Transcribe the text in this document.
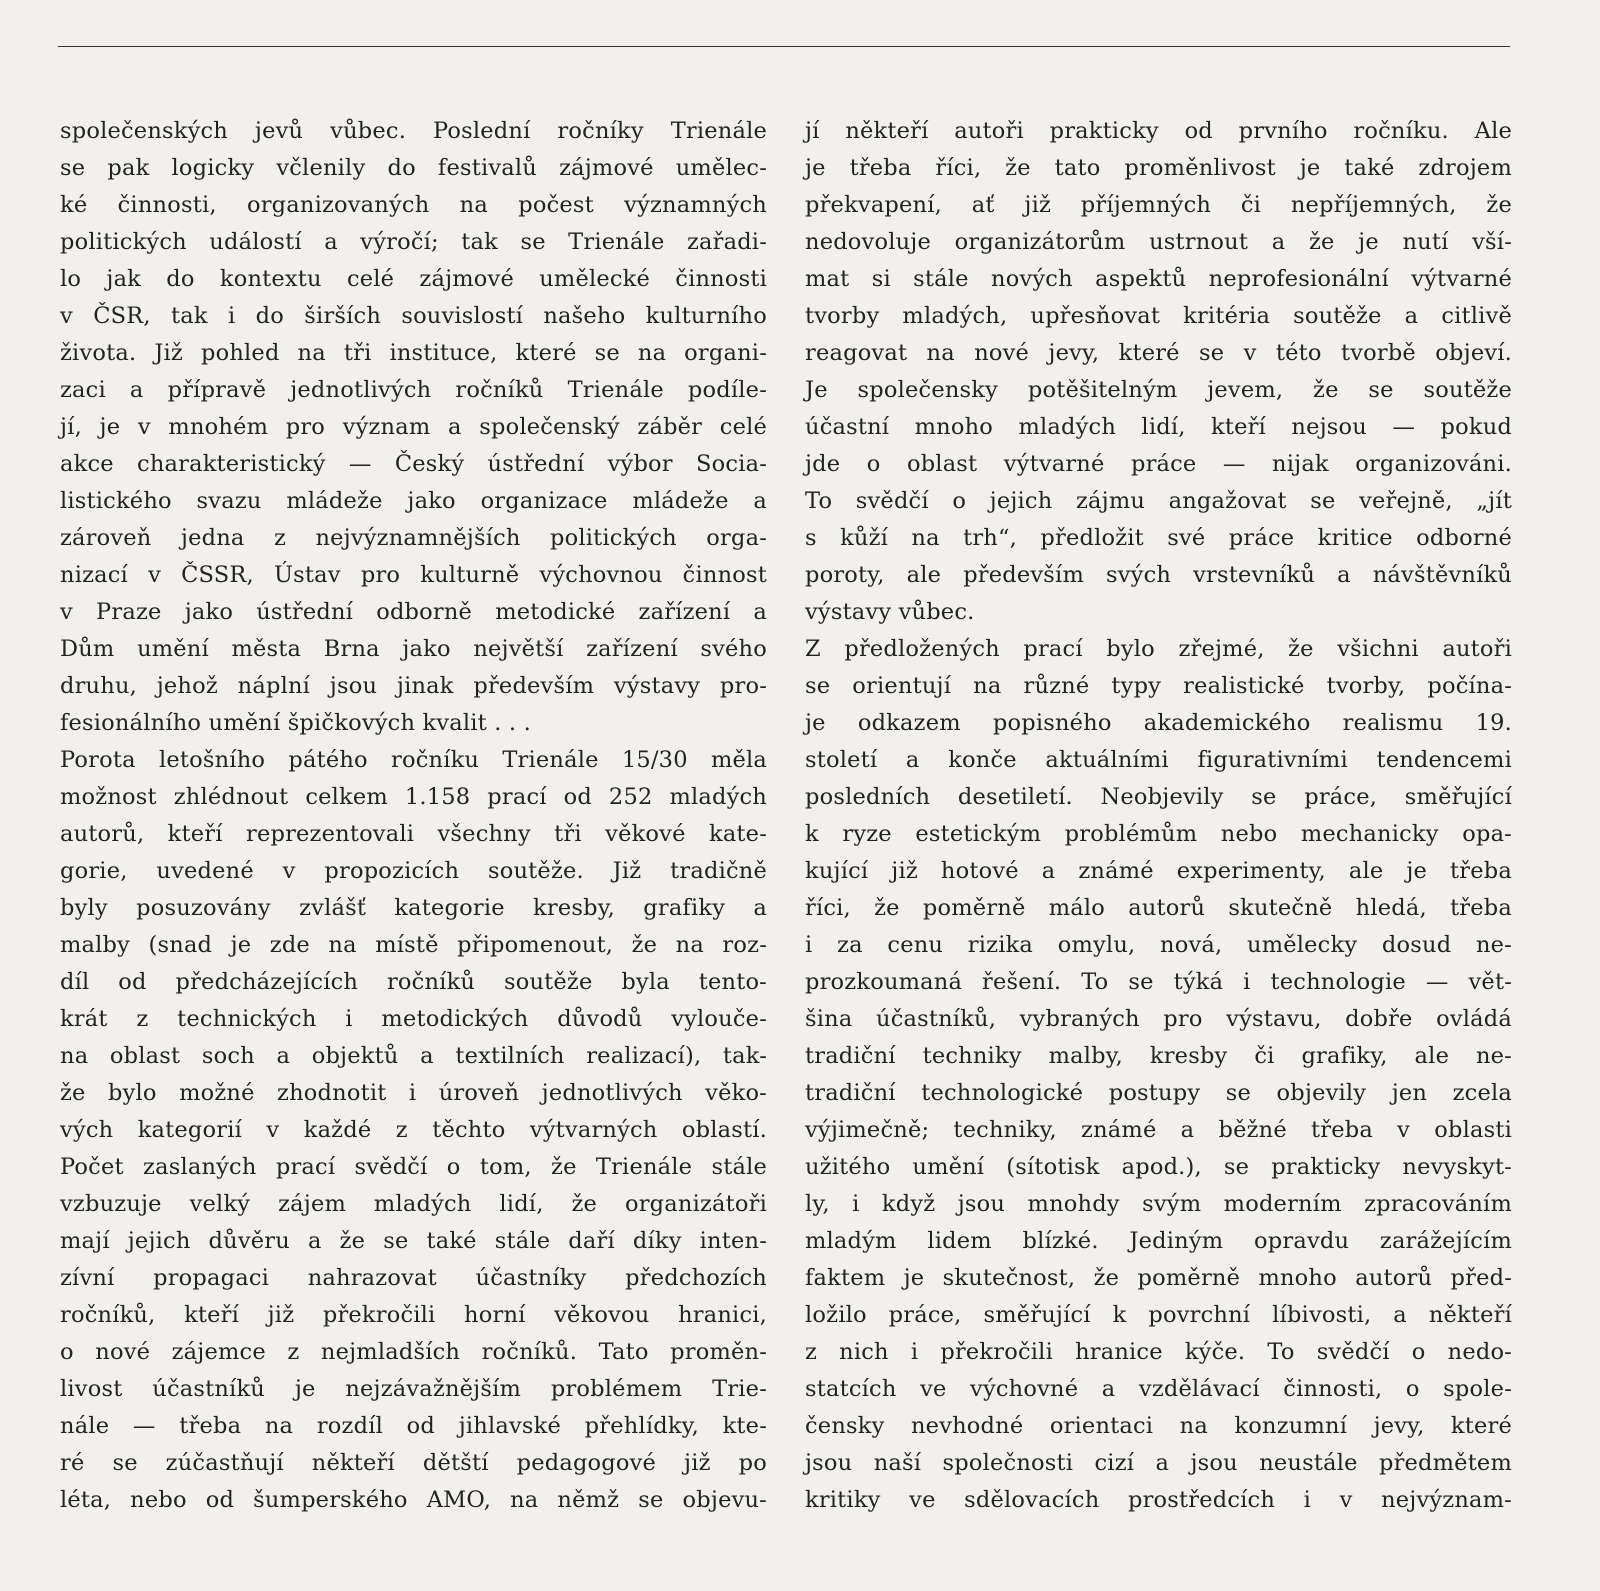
společenských jevů vůbec. Poslední ročníky Trienále
se pak logicky včlenily do festivalů zájmové umělec-
ké činnosti, organizovaných na počest významných
politických událostí a výročí; tak se Trienále zařadi-
lo jak do kontextu celé zájmové umělecké činnosti
v ČSR, tak i do širších souvislostí našeho kulturního
života. Již pohled na tři instituce, které se na organi-
zaci a přípravě jednotlivých ročníků Trienále podíle-
jí, je v mnohém pro význam a společenský záběr celé
akce charakteristický — Český ústřední výbor Socia-
listického svazu mládeže jako organizace mládeže a
zároveň jedna z nejvýznamnějších politických orga-
nizací v ČSSR, Ústav pro kulturně výchovnou činnost
v Praze jako ústřední odborně metodické zařízení a
Dům umění města Brna jako největší zařízení svého
druhu, jehož náplní jsou jinak především výstavy pro-
fesionálního umění špičkových kvalit . . .
Porota letošního pátého ročníku Trienále 15/30 měla
možnost zhlédnout celkem 1.158 prací od 252 mladých
autorů, kteří reprezentovali všechny tři věkové kate-
gorie, uvedené v propozicích soutěže. Již tradičně
byly posuzovány zvlášť kategorie kresby, grafiky a
malby (snad je zde na místě připomenout, že na roz-
díl od předcházejících ročníků soutěže byla tento-
krát z technických i metodických důvodů vylouče-
na oblast soch a objektů a textilních realizací), tak-
že bylo možné zhodnotit i úroveň jednotlivých věko-
vých kategorií v každé z těchto výtvarných oblastí.
Počet zaslaných prací svědčí o tom, že Trienále stále
vzbuzuje velký zájem mladých lidí, že organizátoři
mají jejich důvěru a že se také stále daří díky inten-
zívní propagaci nahrazovat účastníky předchozích
ročníků, kteří již překročili horní věkovou hranici,
o nové zájemce z nejmladších ročníků. Tato proměn-
livost účastníků je nejzávažnějším problémem Trie-
nále — třeba na rozdíl od jihlavské přehlídky, kte-
ré se zúčastňují někteří dětští pedagogové již po
léta, nebo od šumperského AMO, na němž se objevu-
jí někteří autoři prakticky od prvního ročníku. Ale
je třeba říci, že tato proměnlivost je také zdrojem
překvapení, ať již příjemných či nepříjemných, že
nedovoluje organizátorům ustrnout a že je nutí vší-
mat si stále nových aspektů neprofesionální výtvarné
tvorby mladých, upřesňovat kritéria soutěže a citlivě
reagovat na nové jevy, které se v této tvorbě objeví.
Je společensky potěšitelným jevem, že se soutěže
účastní mnoho mladých lidí, kteří nejsou — pokud
jde o oblast výtvarné práce — nijak organizováni.
To svědčí o jejich zájmu angažovat se veřejně, „jít
s kůží na trh“, předložit své práce kritice odborné
poroty, ale především svých vrstevníků a návštěvníků
výstavy vůbec.
Z předložených prací bylo zřejmé, že všichni autoři
se orientují na různé typy realistické tvorby, počína-
je odkazem popisného akademického realismu 19.
století a konče aktuálními figurativními tendencemi
posledních desetiletí. Neobjevily se práce, směřující
k ryze estetickým problémům nebo mechanicky opa-
kující již hotové a známé experimenty, ale je třeba
říci, že poměrně málo autorů skutečně hledá, třeba
i za cenu rizika omylu, nová, umělecky dosud ne-
prozkoumaná řešení. To se týká i technologie — vět-
šina účastníků, vybraných pro výstavu, dobře ovládá
tradiční techniky malby, kresby či grafiky, ale ne-
tradiční technologické postupy se objevily jen zcela
výjimečně; techniky, známé a běžné třeba v oblasti
užitého umění (sítotisk apod.), se prakticky nevyskyt-
ly, i když jsou mnohdy svým moderním zpracováním
mladým lidem blízké. Jediným opravdu zarážejícím
faktem je skutečnost, že poměrně mnoho autorů před-
ložilo práce, směřující k povrchní líbivosti, a někteří
z nich i překročili hranice kýče. To svědčí o nedo-
statcích ve výchovné a vzdělávací činnosti, o spole-
čensky nevhodné orientaci na konzumní jevy, které
jsou naší společnosti cizí a jsou neustále předmětem
kritiky ve sdělovacích prostředcích i v nejvýznam-
